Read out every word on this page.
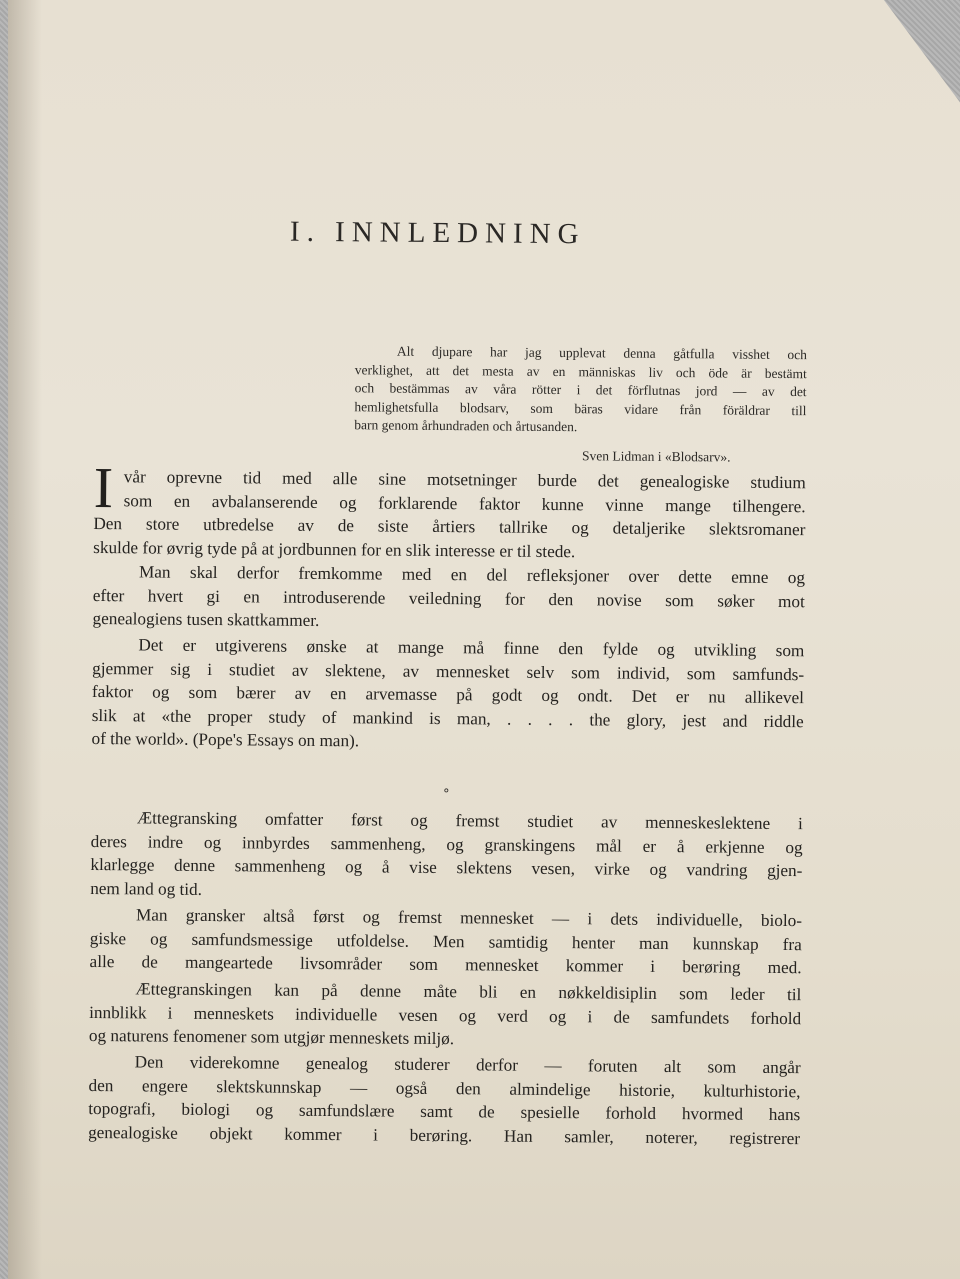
I. INNLEDNING
Alt djupare har jag upplevat denna gåtfulla visshet och
verklighet, att det mesta av en människas liv och öde är bestämt
och bestämmas av våra rötter i det förflutnas jord — av det
hemlighetsfulla blodsarv, som bäras vidare från föräldrar till
barn genom århundraden och årtusanden.
Sven Lidman i «Blodsarv».
I vår oprevne tid med alle sine motsetninger burde det genealogiske studium
som en avbalanserende og forklarende faktor kunne vinne mange tilhengere.
Den store utbredelse av de siste årtiers tallrike og detaljerike slektsromaner
skulde for øvrig tyde på at jordbunnen for en slik interesse er til stede.
Man skal derfor fremkomme med en del refleksjoner over dette emne og
efter hvert gi en introduserende veiledning for den novise som søker mot
genealogiens tusen skattkammer.
Det er utgiverens ønske at mange må finne den fylde og utvikling som
gjemmer sig i studiet av slektene, av mennesket selv som individ, som samfunds-
faktor og som bærer av en arvemasse på godt og ondt. Det er nu allikevel
slik at «the proper study of mankind is man, . . . . the glory, jest and riddle
of the world». (Pope's Essays on man).
°
Ættegransking omfatter først og fremst studiet av menneskeslektene i
deres indre og innbyrdes sammenheng, og granskingens mål er å erkjenne og
klarlegge denne sammenheng og å vise slektens vesen, virke og vandring gjen-
nem land og tid.
Man gransker altså først og fremst mennesket — i dets individuelle, biolo-
giske og samfundsmessige utfoldelse. Men samtidig henter man kunnskap fra
alle de mangeartede livsområder som mennesket kommer i berøring med.
Ættegranskingen kan på denne måte bli en nøkkeldisiplin som leder til
innblikk i menneskets individuelle vesen og verd og i de samfundets forhold
og naturens fenomener som utgjør menneskets miljø.
Den viderekomne genealog studerer derfor — foruten alt som angår
den engere slektskunnskap — også den almindelige historie, kulturhistorie,
topografi, biologi og samfundslære samt de spesielle forhold hvormed hans
genealogiske objekt kommer i berøring. Han samler, noterer, registrerer
